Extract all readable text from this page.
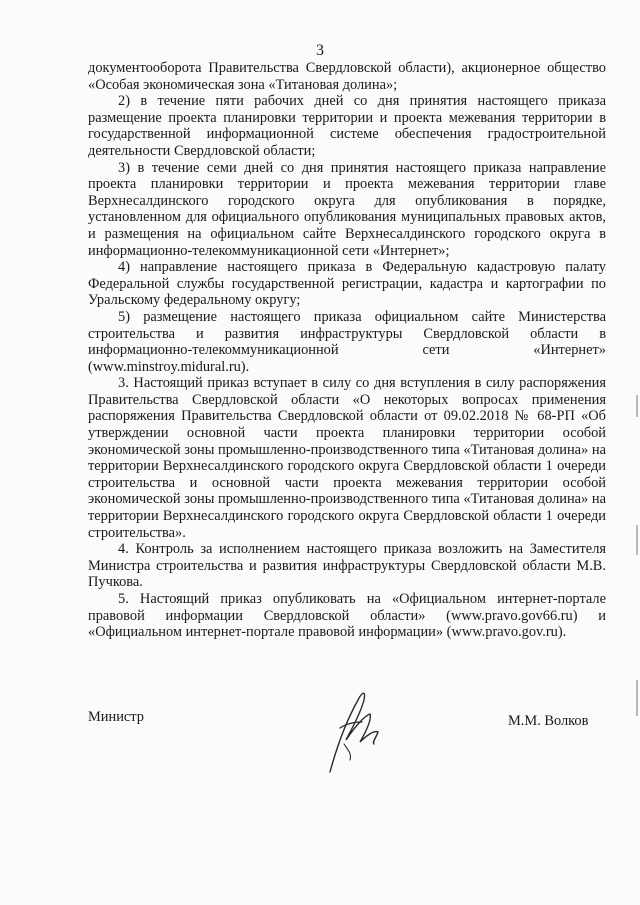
3

документооборота Правительства Свердловской области), акционерное общество «Особая экономическая зона «Титановая долина»;

2) в течение пяти рабочих дней со дня принятия настоящего приказа размещение проекта планировки территории и проекта межевания территории в государственной информационной системе обеспечения градостроительной деятельности Свердловской области;

3) в течение семи дней со дня принятия настоящего приказа направление проекта планировки территории и проекта межевания территории главе Верхнесалдинского городского округа для опубликования в порядке, установленном для официального опубликования муниципальных правовых актов, и размещения на официальном сайте Верхнесалдинского городского округа в информационно-телекоммуникационной сети «Интернет»;

4) направление настоящего приказа в Федеральную кадастровую палату Федеральной службы государственной регистрации, кадастра и картографии по Уральскому федеральному округу;

5) размещение настоящего приказа официальном сайте Министерства строительства и развития инфраструктуры Свердловской области в информационно-телекоммуникационной сети «Интернет» (www.minstroy.midural.ru).

3. Настоящий приказ вступает в силу со дня вступления в силу распоряжения Правительства Свердловской области «О некоторых вопросах применения распоряжения Правительства Свердловской области от 09.02.2018 № 68-РП «Об утверждении основной части проекта планировки территории особой экономической зоны промышленно-производственного типа «Титановая долина» на территории Верхнесалдинского городского округа Свердловской области 1 очереди строительства и основной части проекта межевания территории особой экономической зоны промышленно-производственного типа «Титановая долина» на территории Верхнесалдинского городского округа Свердловской области 1 очереди строительства».

4. Контроль за исполнением настоящего приказа возложить на Заместителя Министра строительства и развития инфраструктуры Свердловской области М.В. Пучкова.

5. Настоящий приказ опубликовать на «Официальном интернет-портале правовой информации Свердловской области» (www.pravo.gov66.ru) и «Официальном интернет-портале правовой информации» (www.pravo.gov.ru).

Министр	М.М. Волков
